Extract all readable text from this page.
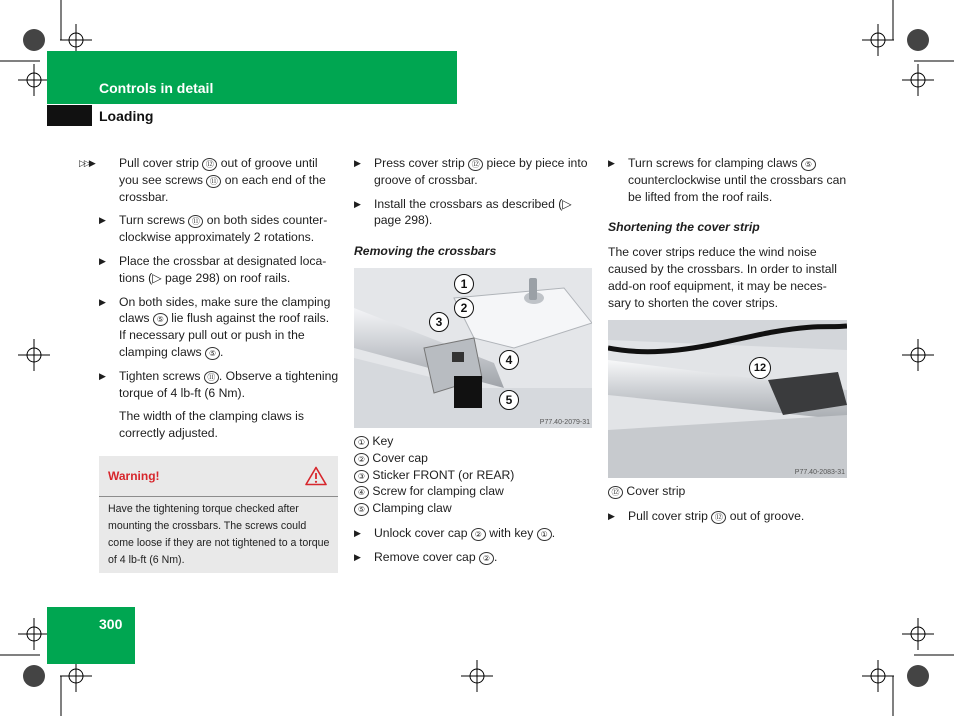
Controls in detail
Loading
300
▷▷▶	Pull cover strip ⑫ out of groove until you see screws ⑪ on each end of the crossbar.
▶ Turn screws ⑪ on both sides counter-clockwise approximately 2 rotations.
▶ Place the crossbar at designated loca-tions (▷ page 298) on roof rails.
▶ On both sides, make sure the clamping claws ⑤ lie flush against the roof rails. If necessary pull out or push in the clamping claws ⑤ .
▶ Tighten screws ⑪ . Observe a tightening torque of 4 lb-ft (6 Nm).
The width of the clamping claws is correctly adjusted.
Warning!
Have the tightening torque checked after mounting the crossbars. The screws could come loose if they are not tightened to a torque of 4 lb-ft (6 Nm).
▶ Press cover strip ⑫ piece by piece into groove of crossbar.
▶ Install the crossbars as described (▷ page 298).
Removing the crossbars
1
2
3
4
5
P77.40-2079-31
① Key
② Cover cap
③ Sticker FRONT (or REAR)
④ Screw for clamping claw
⑤ Clamping claw
▶ Unlock cover cap ② with key ① .
▶ Remove cover cap ② .
▶ Turn screws for clamping claws ⑤ counterclockwise until the crossbars can be lifted from the roof rails.
Shortening the cover strip
The cover strips reduce the wind noise caused by the crossbars. In order to install add-on roof equipment, it may be neces-sary to shorten the cover strips.
12
P77.40-2083-31
⑫ Cover strip
▶ Pull cover strip ⑫ out of groove.
